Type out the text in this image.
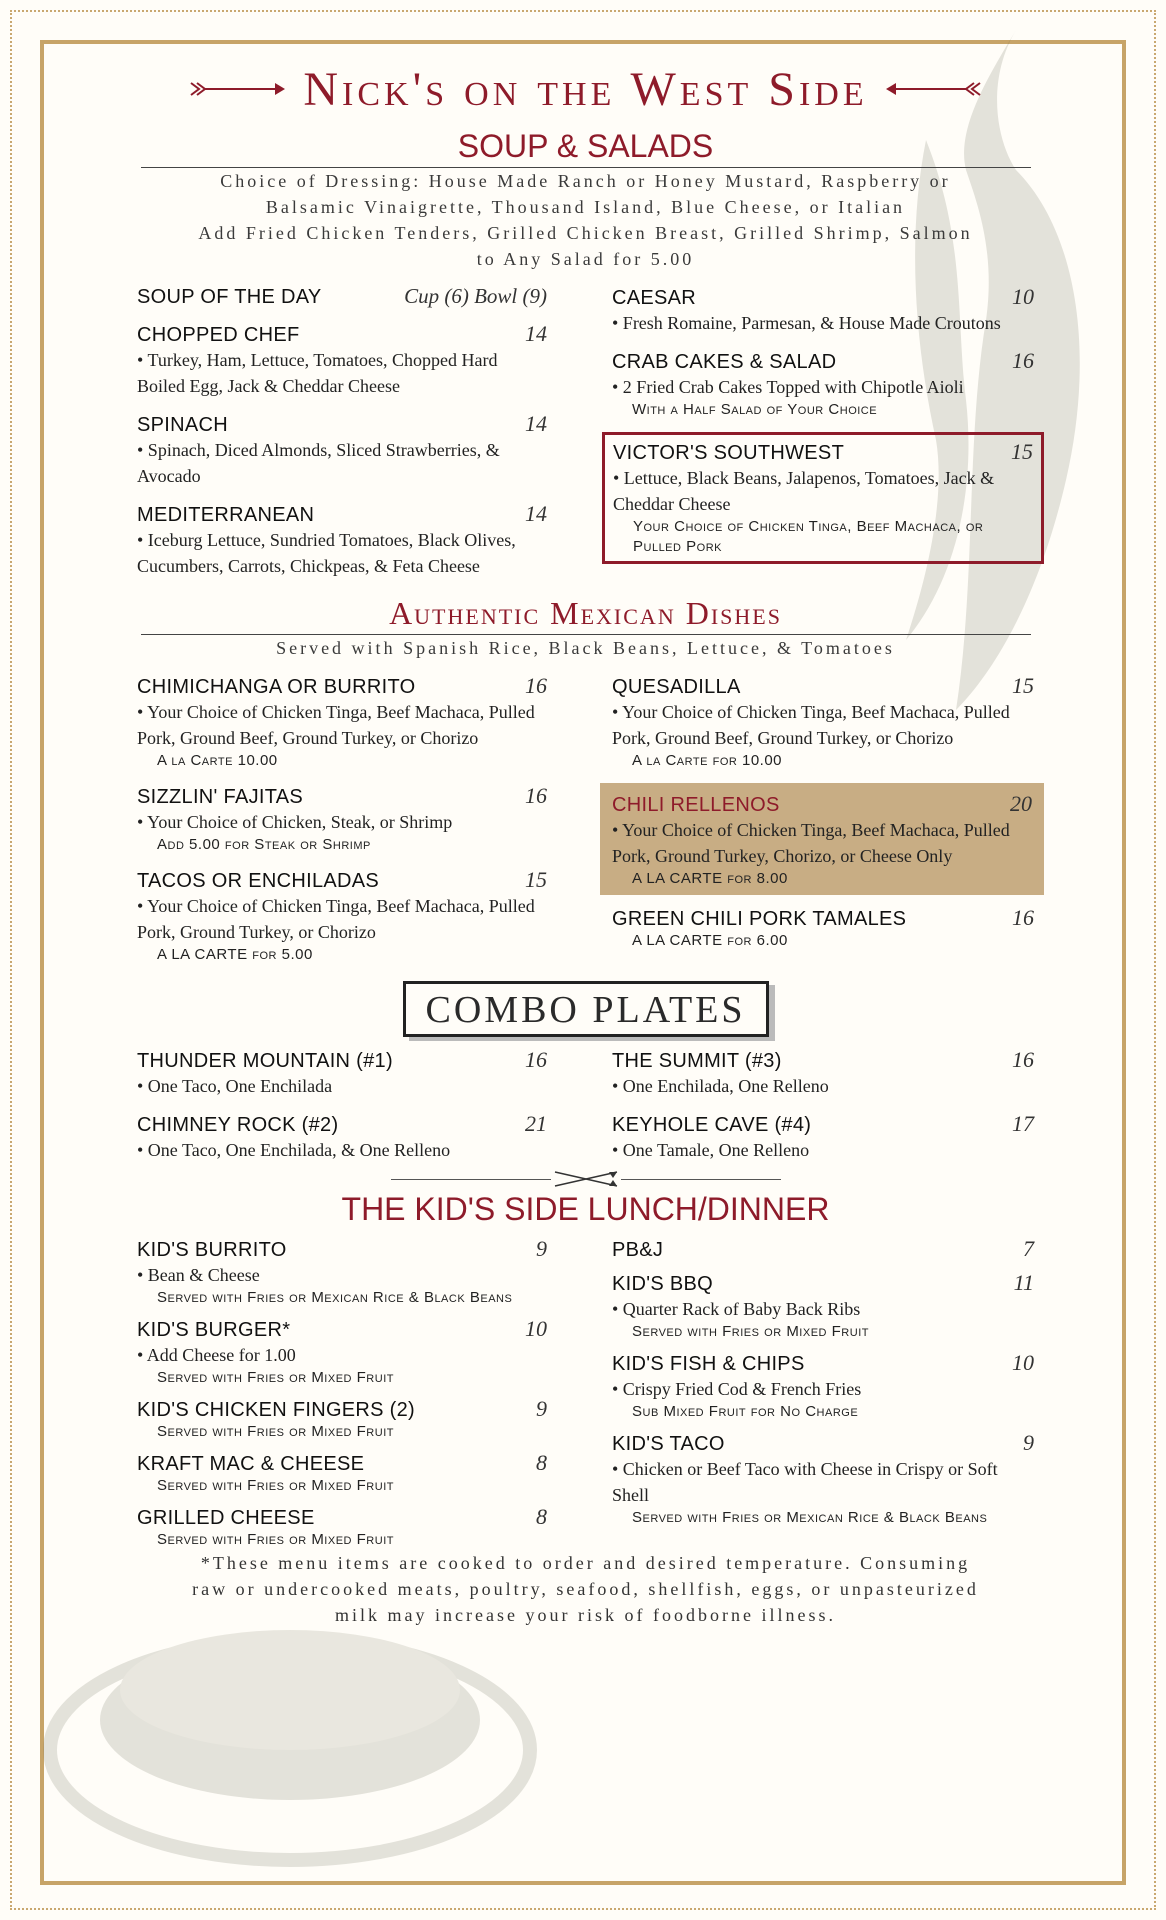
Nick's on the West Side
SOUP & SALADS
Choice of Dressing: House Made Ranch or Honey Mustard, Raspberry or
Balsamic Vinaigrette, Thousand Island, Blue Cheese, or Italian
Add Fried Chicken Tenders, Grilled Chicken Breast, Grilled Shrimp, Salmon
to Any Salad for 5.00
SOUP OF THE DAY	Cup (6) Bowl (9)
CHOPPED CHEF	14
• Turkey, Ham, Lettuce, Tomatoes, Chopped Hard Boiled Egg, Jack & Cheddar Cheese
SPINACH	14
• Spinach, Diced Almonds, Sliced Strawberries, & Avocado
MEDITERRANEAN	14
• Iceburg Lettuce, Sundried Tomatoes, Black Olives, Cucumbers, Carrots, Chickpeas, & Feta Cheese
CAESAR	10
• Fresh Romaine, Parmesan, & House Made Croutons
CRAB CAKES & SALAD	16
• 2 Fried Crab Cakes Topped with Chipotle Aioli
With a Half Salad of Your Choice
VICTOR'S SOUTHWEST	15
• Lettuce, Black Beans, Jalapenos, Tomatoes, Jack & Cheddar Cheese
Your Choice of Chicken Tinga, Beef Machaca, or Pulled Pork
Authentic Mexican Dishes
Served with Spanish Rice, Black Beans, Lettuce, & Tomatoes
CHIMICHANGA OR BURRITO	16
• Your Choice of Chicken Tinga, Beef Machaca, Pulled Pork, Ground Beef, Ground Turkey, or Chorizo
A la Carte 10.00
SIZZLIN' FAJITAS	16
• Your Choice of Chicken, Steak, or Shrimp
Add 5.00 for Steak or Shrimp
TACOS OR ENCHILADAS	15
• Your Choice of Chicken Tinga, Beef Machaca, Pulled Pork, Ground Turkey, or Chorizo
A LA CARTE for 5.00
QUESADILLA	15
• Your Choice of Chicken Tinga, Beef Machaca, Pulled Pork, Ground Beef, Ground Turkey, or Chorizo
A la Carte for 10.00
CHILI RELLENOS	20
• Your Choice of Chicken Tinga, Beef Machaca, Pulled Pork, Ground Turkey, Chorizo, or Cheese Only
A LA CARTE for 8.00
GREEN CHILI PORK TAMALES	16
A LA CARTE for 6.00
COMBO PLATES
THUNDER MOUNTAIN (#1)	16
• One Taco, One Enchilada
CHIMNEY ROCK (#2)	21
• One Taco, One Enchilada, & One Relleno
THE SUMMIT (#3)	16
• One Enchilada, One Relleno
KEYHOLE CAVE (#4)	17
• One Tamale, One Relleno
THE KID'S SIDE LUNCH/DINNER
KID'S BURRITO	9
• Bean & Cheese
Served with Fries or Mexican Rice & Black Beans
KID'S BURGER*	10
• Add Cheese for 1.00
Served with Fries or Mixed Fruit
KID'S CHICKEN FINGERS (2)	9
Served with Fries or Mixed Fruit
KRAFT MAC & CHEESE	8
Served with Fries or Mixed Fruit
GRILLED CHEESE	8
Served with Fries or Mixed Fruit
PB&J	7
KID'S BBQ	11
• Quarter Rack of Baby Back Ribs
Served with Fries or Mixed Fruit
KID'S FISH & CHIPS	10
• Crispy Fried Cod & French Fries
Sub Mixed Fruit for No Charge
KID'S TACO	9
• Chicken or Beef Taco with Cheese in Crispy or Soft Shell
Served with Fries or Mexican Rice & Black Beans
*These menu items are cooked to order and desired temperature. Consuming
raw or undercooked meats, poultry, seafood, shellfish, eggs, or unpasteurized
milk may increase your risk of foodborne illness.
